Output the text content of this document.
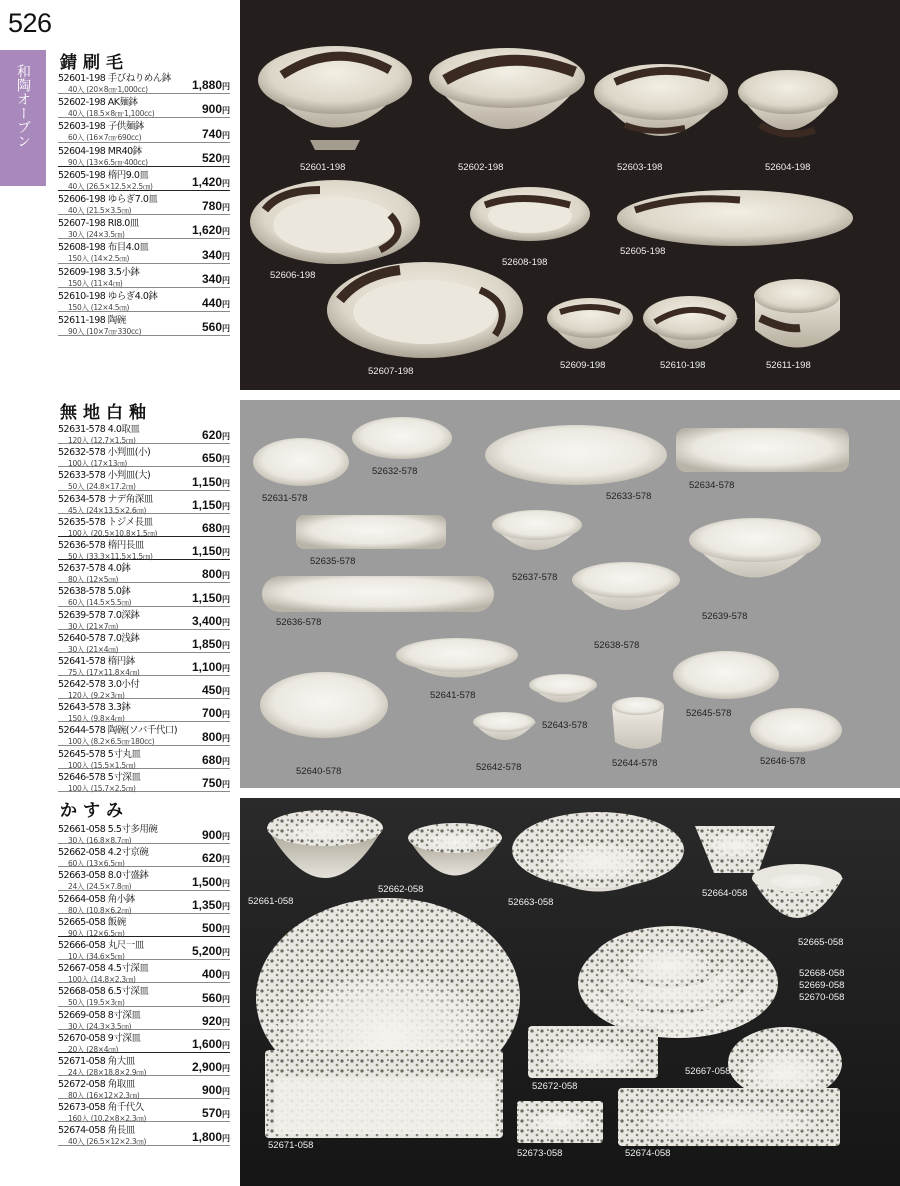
526
和陶オーブン
錆刷毛
52601-198 手びねりめん鉢
40入 (20×8㎝·1,000cc)	1,880円
52602-198 AK麺鉢
40入 (18.5×8㎝·1,100cc)	900円
52603-198 子供麺鉢
60入 (16×7㎝·690cc)	740円
52604-198 MR40鉢
90入 (13×6.5㎝·400cc)	520円
52605-198 楕円9.0皿
40入 (26.5×12.5×2.5㎝)	1,420円
52606-198 ゆらぎ7.0皿
40入 (21.5×3.5㎝)	780円
52607-198 RI8.0皿
30入 (24×3.5㎝)	1,620円
52608-198 布目4.0皿
150入 (14×2.5㎝)	340円
52609-198 3.5小鉢
150入 (11×4㎝)	340円
52610-198 ゆらぎ4.0鉢
150入 (12×4.5㎝)	440円
52611-198 陶碗
90入 (10×7㎝·330cc)	560円
無地白釉
52631-578 4.0取皿
120入 (12.7×1.5㎝)	620円
52632-578 小判皿(小)
100入 (17×13㎝)	650円
52633-578 小判皿(大)
50入 (24.8×17.2㎝)	1,150円
52634-578 ナデ角深皿
45入 (24×13.5×2.6㎝)	1,150円
52635-578 トジメ長皿
100入 (20.5×10.8×1.5㎝)	680円
52636-578 楕円長皿
50入 (33.3×11.5×1.5㎝)	1,150円
52637-578 4.0鉢
80入 (12×5㎝)	800円
52638-578 5.0鉢
60入 (14.5×5.5㎝)	1,150円
52639-578 7.0深鉢
30入 (21×7㎝)	3,400円
52640-578 7.0浅鉢
30入 (21×4㎝)	1,850円
52641-578 楕円鉢
75入 (17×11.8×4㎝)	1,100円
52642-578 3.0小付
120入 (9.2×3㎝)	450円
52643-578 3.3鉢
150入 (9.8×4㎝)	700円
52644-578 陶碗(ソバ千代口)
100入 (8.2×6.5㎝·180cc)	800円
52645-578 5寸丸皿
100入 (15.5×1.5㎝)	680円
52646-578 5寸深皿
100入 (15.7×2.5㎝)	750円
かすみ
52661-058 5.5寸多用碗
30入 (16.8×8.7㎝)	900円
52662-058 4.2寸京碗
60入 (13×6.5㎝)	620円
52663-058 8.0寸盛鉢
24入 (24.5×7.8㎝)	1,500円
52664-058 角小鉢
80入 (10.8×6.2㎝)	1,350円
52665-058 飯碗
90入 (12×6.5㎝)	500円
52666-058 丸尺一皿
10入 (34.6×5㎝)	5,200円
52667-058 4.5寸深皿
100入 (14.8×2.3㎝)	400円
52668-058 6.5寸深皿
50入 (19.5×3㎝)	560円
52669-058 8寸深皿
30入 (24.3×3.5㎝)	920円
52670-058 9寸深皿
20入 (28×4㎝)	1,600円
52671-058 角大皿
24入 (28×18.8×2.9㎝)	2,900円
52672-058 角取皿
80入 (16×12×2.3㎝)	900円
52673-058 角千代久
160入 (10.2×8×2.3㎝)	570円
52674-058 角長皿
40入 (26.5×12×2.3㎝)	1,800円
52601-198	52602-198	52603-198	52604-198
52606-198
52608-198
52605-198
52607-198
52609-198	52610-198	52611-198
52632-578
52631-578	52633-578
52634-578
52635-578
52637-578
52636-578
52638-578
52639-578
52641-578
52643-578
52645-578
52640-578	52642-578	52644-578	52646-578
52662-058
52661-058	52663-058
52664-058
52665-058
52668-058
52669-058
52670-058
52666-058
52667-058
52672-058
52671-058
52673-058	52674-058
